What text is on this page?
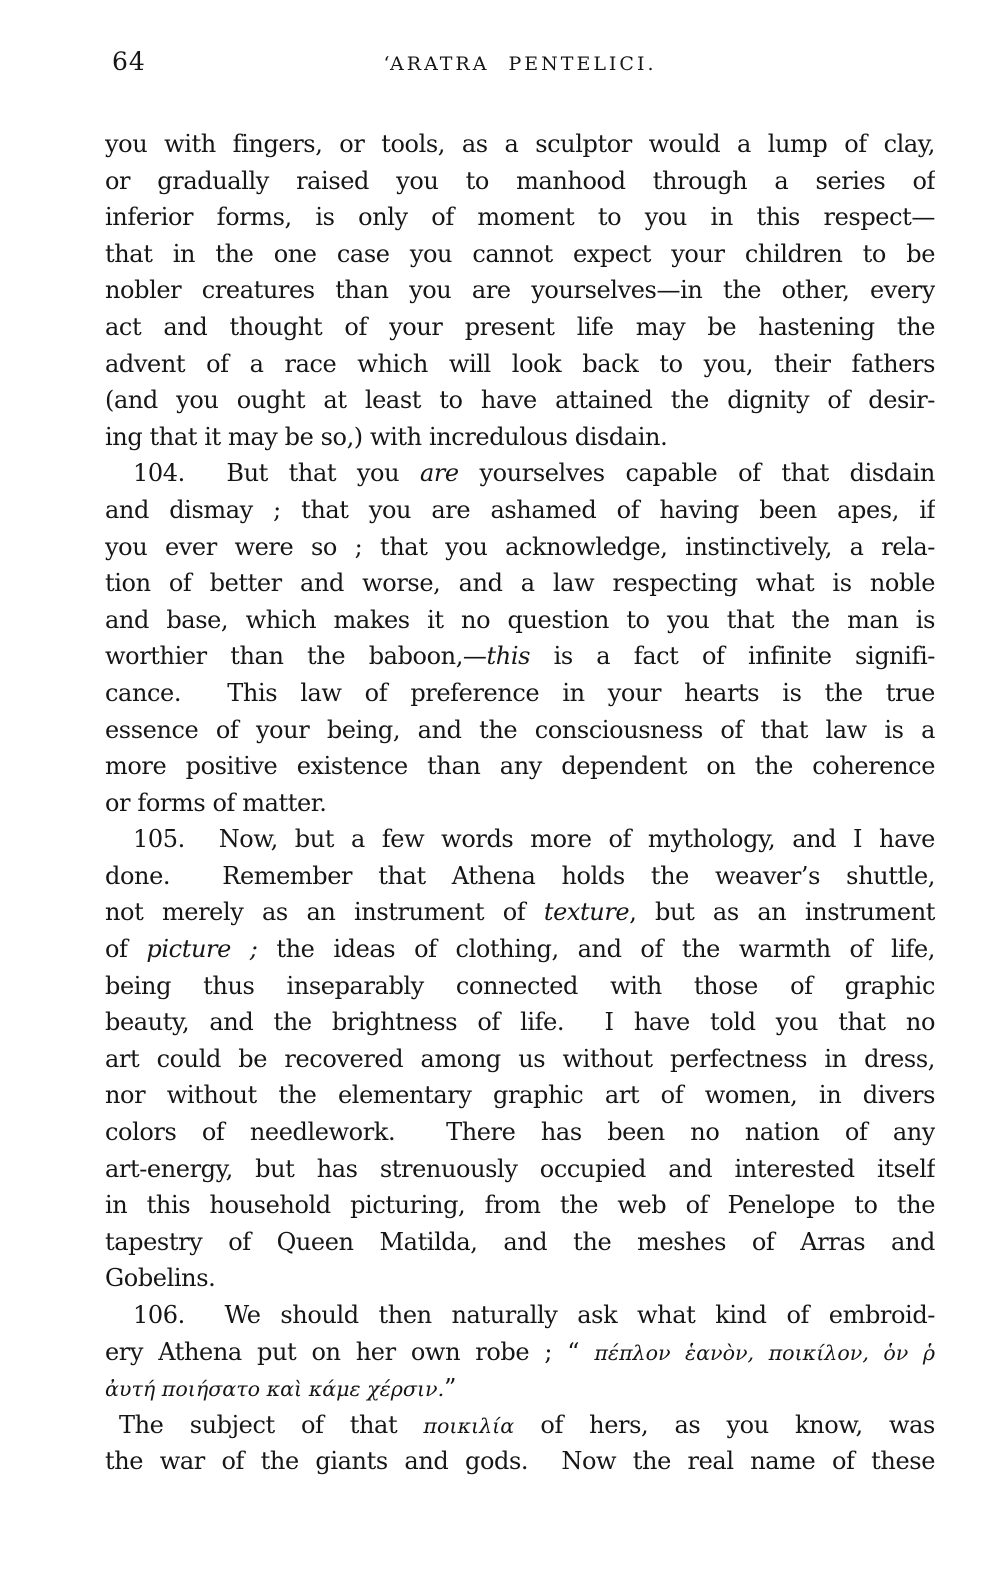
64	‘ARATRA PENTELICI.
you with fingers, or tools, as a sculptor would a lump of clay,
or gradually raised you to manhood through a series of
inferior forms, is only of moment to you in this respect—
that in the one case you cannot expect your children to be
nobler creatures than you are yourselves—in the other, every
act and thought of your present life may be hastening the
advent of a race which will look back to you, their fathers
(and you ought at least to have attained the dignity of desir-
ing that it may be so,) with incredulous disdain.
104.  But that you are yourselves capable of that disdain
and dismay ; that you are ashamed of having been apes, if
you ever were so ; that you acknowledge, instinctively, a rela-
tion of better and worse, and a law respecting what is noble
and base, which makes it no question to you that the man is
worthier than the baboon,—this is a fact of infinite signifi-
cance.  This law of preference in your hearts is the true
essence of your being, and the consciousness of that law is a
more positive existence than any dependent on the coherence
or forms of matter.
105.  Now, but a few words more of mythology, and I have
done.  Remember that Athena holds the weaver’s shuttle,
not merely as an instrument of texture, but as an instrument
of picture ; the ideas of clothing, and of the warmth of life,
being thus inseparably connected with those of graphic
beauty, and the brightness of life.  I have told you that no
art could be recovered among us without perfectness in dress,
nor without the elementary graphic art of women, in divers
colors of needlework.  There has been no nation of any
art-energy, but has strenuously occupied and interested itself
in this household picturing, from the web of Penelope to the
tapestry of Queen Matilda, and the meshes of Arras and
Gobelins.
106.  We should then naturally ask what kind of embroid-
ery Athena put on her own robe ; “ πέπλον ἑανὸν, ποικίλον, ὁν ῥ
ἀυτή ποιήσατο καὶ κάμε χέρσιν.”
The subject of that ποικιλία of hers, as you know, was
the war of the giants and gods.  Now the real name of these
